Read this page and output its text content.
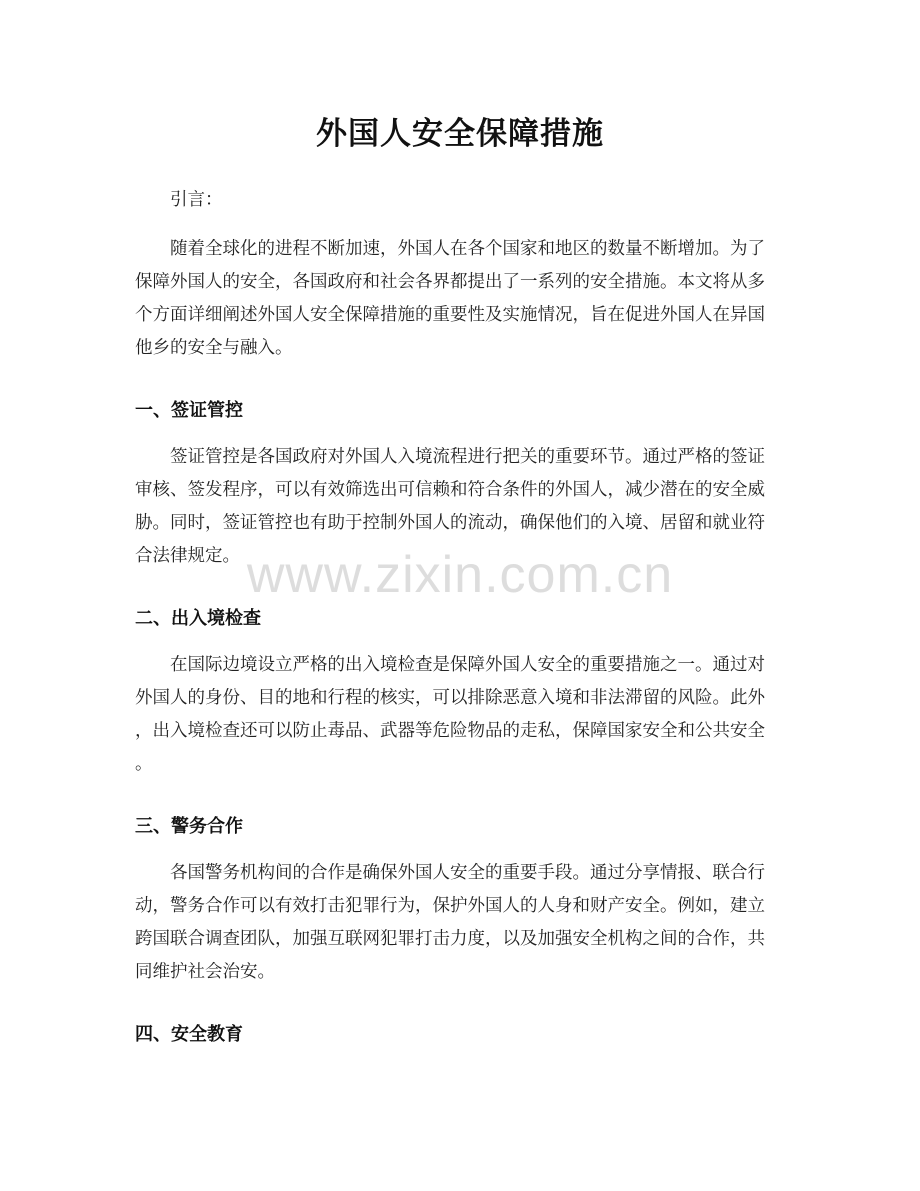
外国人安全保障措施

引言：

随着全球化的进程不断加速，外国人在各个国家和地区的数量不断增加。为了
保障外国人的安全，各国政府和社会各界都提出了一系列的安全措施。本文将从多
个方面详细阐述外国人安全保障措施的重要性及实施情况，旨在促进外国人在异国
他乡的安全与融入。

一、签证管控

签证管控是各国政府对外国人入境流程进行把关的重要环节。通过严格的签证
审核、签发程序，可以有效筛选出可信赖和符合条件的外国人，减少潜在的安全威
胁。同时，签证管控也有助于控制外国人的流动，确保他们的入境、居留和就业符
合法律规定。

二、出入境检查

在国际边境设立严格的出入境检查是保障外国人安全的重要措施之一。通过对
外国人的身份、目的地和行程的核实，可以排除恶意入境和非法滞留的风险。此外
，出入境检查还可以防止毒品、武器等危险物品的走私，保障国家安全和公共安全
。

三、警务合作

各国警务机构间的合作是确保外国人安全的重要手段。通过分享情报、联合行
动，警务合作可以有效打击犯罪行为，保护外国人的人身和财产安全。例如，建立
跨国联合调查团队，加强互联网犯罪打击力度，以及加强安全机构之间的合作，共
同维护社会治安。

四、安全教育
www.zixin.com.cn
